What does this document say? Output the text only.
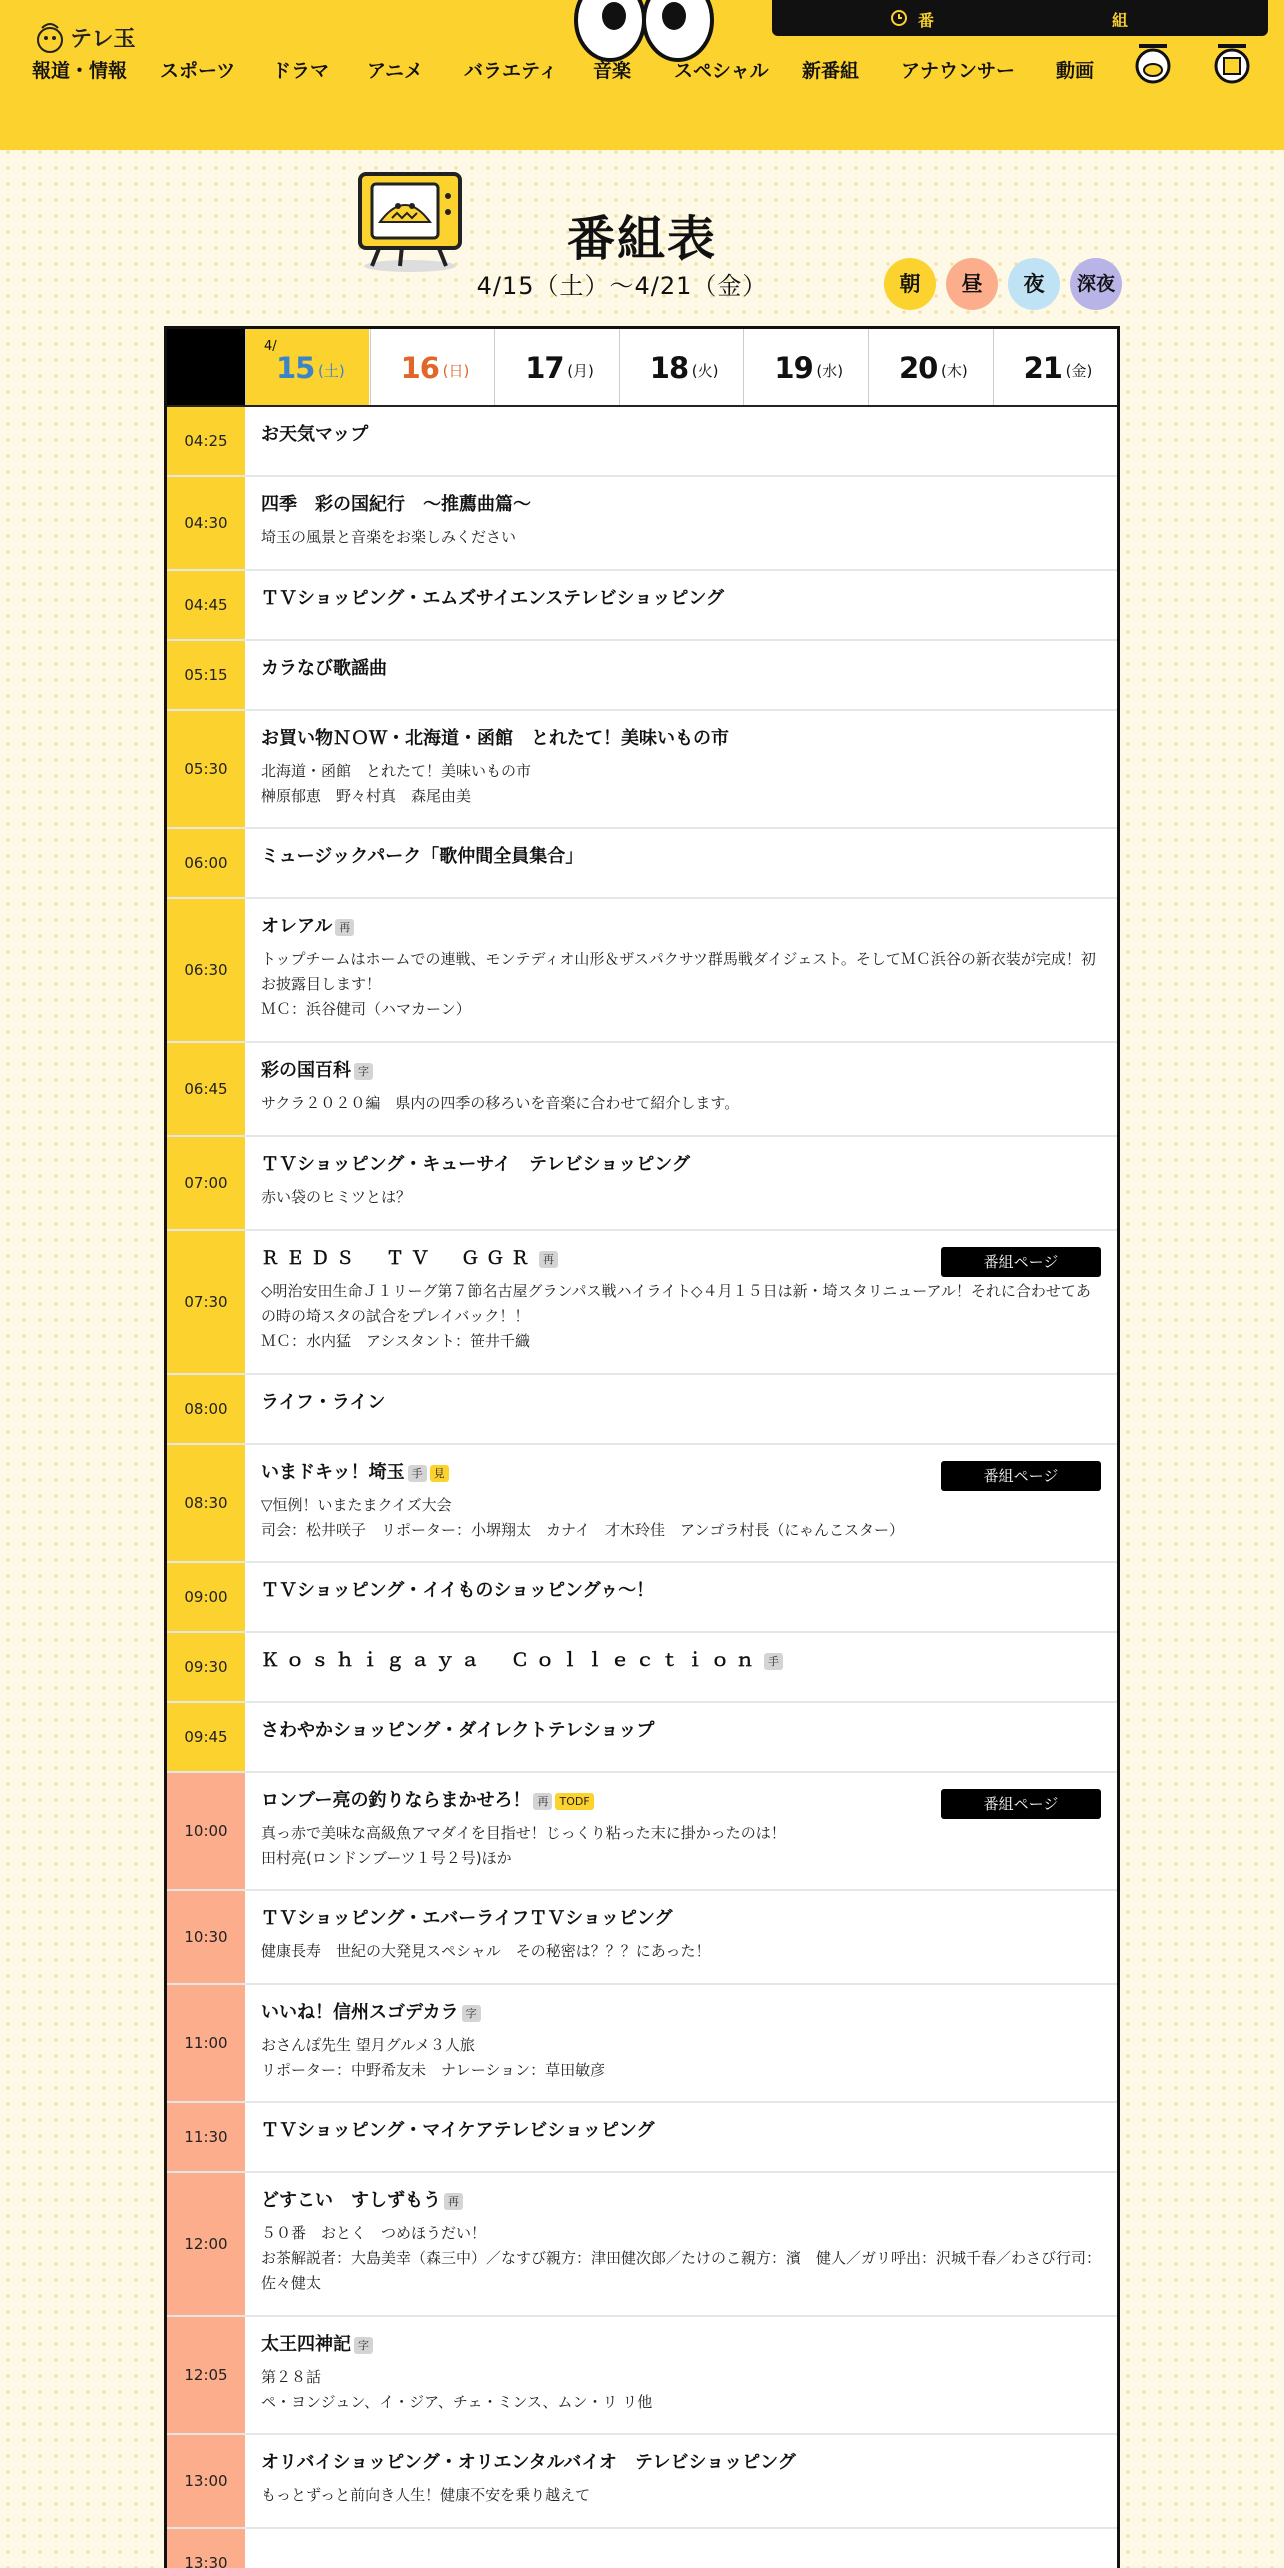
テレ玉
番	組
報道・情報 スポーツ ドラマ アニメ バラエティ 音楽 スペシャル 新番組 アナウンサー 動画
番組表
4/15（土）〜4/21（金）	朝	昼	夜	深夜
4/
15 (土) 16 (日) 17 (月) 18 (火) 19 (水) 20 (木) 21 (金)
04:25	お天気マップ
04:30
四季　彩の国紀行　～推薦曲篇～
埼玉の風景と音楽をお楽しみください
04:45	ＴＶショッピング・エムズサイエンステレビショッピング
05:15	カラなび歌謡曲
05:30
お買い物ＮＯＷ・北海道・函館　とれたて！美味いもの市
北海道・函館　とれたて！美味いもの市
榊原郁恵　野々村真　森尾由美
06:00	ミュージックパーク「歌仲間全員集合」
06:30
オレアル 再
トップチームはホームでの連戦、モンテディオ山形＆ザスパクサツ群馬戦ダイジェスト。そしてＭＣ浜谷の新衣装が完成！初お披露目します！
ＭＣ：浜谷健司（ハマカーン）
06:45
彩の国百科 字
サクラ２０２０編　県内の四季の移ろいを音楽に合わせて紹介します。
07:00
ＴＶショッピング・キューサイ　テレビショッピング
赤い袋のヒミツとは？
07:30
ＲＥＤＳ　ＴＶ　ＧＧＲ 再
◇明治安田生命Ｊ１リーグ第７節名古屋グランパス戦ハイライト◇４月１５日は新・埼スタリニューアル！それに合わせてあの時の埼スタの試合をプレイバック！！
ＭＣ：水内猛　アシスタント：笹井千織
番組ページ
08:00	ライフ・ライン
08:30
いまドキッ！埼玉 手 見
▽恒例！いまたまクイズ大会
司会：松井咲子　リポーター：小堺翔太　カナイ　才木玲佳　アンゴラ村長（にゃんこスター）
番組ページ
09:00	ＴＶショッピング・イイものショッピングゥ～！
09:30	Ｋｏｓｈｉｇａｙａ　Ｃｏｌｌｅｃｔｉｏｎ 手
09:45	さわやかショッピング・ダイレクトテレショップ
10:00
ロンブー亮の釣りならまかせろ！ 再 TODF
真っ赤で美味な高級魚アマダイを目指せ！じっくり粘った末に掛かったのは！
田村亮(ロンドンブーツ１号２号)ほか
番組ページ
10:30
ＴＶショッピング・エバーライフＴＶショッピング
健康長寿　世紀の大発見スペシャル　その秘密は？？？にあった！
11:00
いいね！信州スゴデカラ 字
おさんぽ先生 望月グルメ３人旅
リポーター：中野希友未　ナレーション：草田敏彦
11:30	ＴＶショッピング・マイケアテレビショッピング
12:00
どすこい　すしずもう 再
５０番　おとく　つめほうだい！
お茶解説者：大島美幸（森三中）／なすび親方：津田健次郎／たけのこ親方：濱　健人／ガリ呼出：沢城千春／わさび行司：佐々健太
12:05
太王四神記 字
第２８話
ペ・ヨンジュン、イ・ジア、チェ・ミンス、ムン・リ リ他
13:00
オリバイショッピング・オリエンタルバイオ　テレビショッピング
もっとずっと前向き人生！健康不安を乗り越えて
13:30
